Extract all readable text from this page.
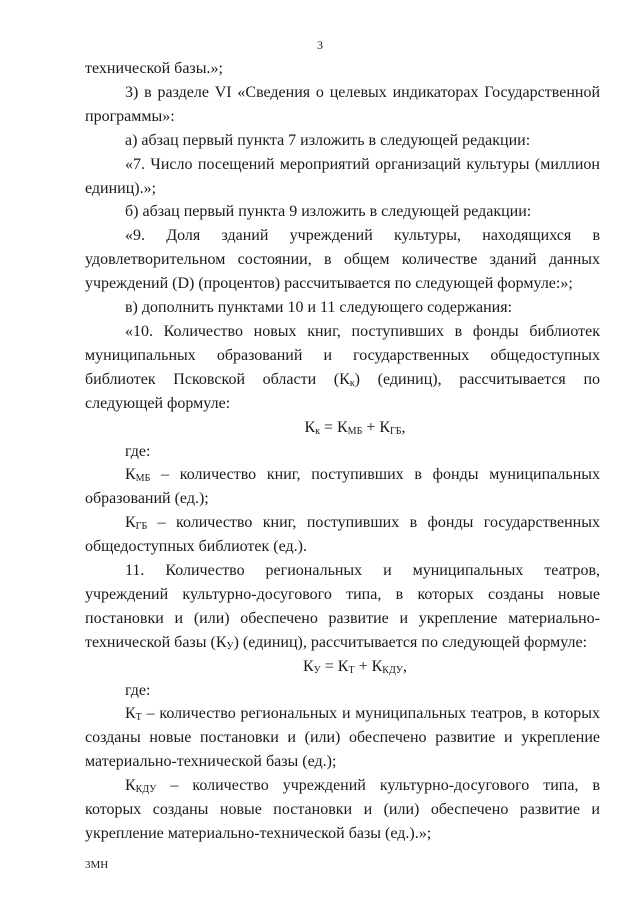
3

технической базы.»;

3) в разделе VI «Сведения о целевых индикаторах Государственной программы»:

а) абзац первый пункта 7 изложить в следующей редакции:

«7. Число посещений мероприятий организаций культуры (миллион единиц).»;

б) абзац первый пункта 9 изложить в следующей редакции:

«9. Доля зданий учреждений культуры, находящихся в удовлетворительном состоянии, в общем количестве зданий данных учреждений (D) (процентов) рассчитывается по следующей формуле:»;

в) дополнить пунктами 10 и 11 следующего содержания:

«10. Количество новых книг, поступивших в фонды библиотек муниципальных образований и государственных общедоступных библиотек Псковской области $(К_к)$ (единиц), рассчитывается по следующей формуле:

$К_к = К_{МБ} + К_{ГБ}$,

где:

$К_{МБ}$ – количество книг, поступивших в фонды муниципальных образований (ед.);

$К_{ГБ}$ – количество книг, поступивших в фонды государственных общедоступных библиотек (ед.).

11. Количество региональных и муниципальных театров, учреждений культурно-досугового типа, в которых созданы новые постановки и (или) обеспечено развитие и укрепление материально-технической базы $(К_У)$ (единиц), рассчитывается по следующей формуле:

$К_У = К_Т + К_{КДУ}$,

где:

$К_Т$ – количество региональных и муниципальных театров, в которых созданы новые постановки и (или) обеспечено развитие и укрепление материально-технической базы (ед.);

$К_{КДУ}$ – количество учреждений культурно-досугового типа, в которых созданы новые постановки и (или) обеспечено развитие и укрепление материально-технической базы (ед.).»;

3МН
